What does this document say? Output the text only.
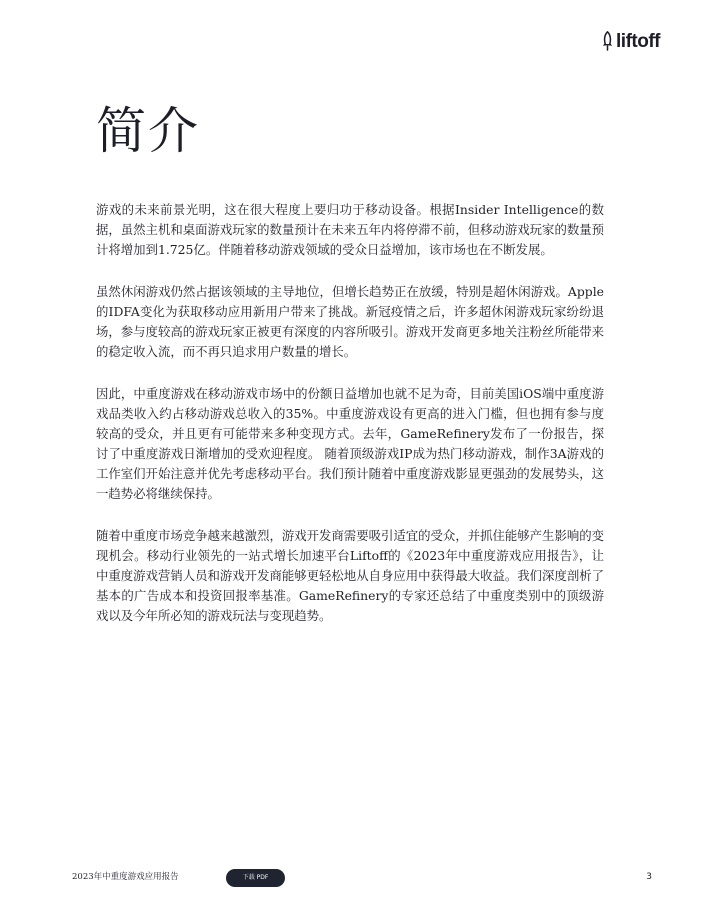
liftoff
简介

游戏的未来前景光明，这在很大程度上要归功于移动设备。根据Insider Intelligence的数据，虽然主机和桌面游戏玩家的数量预计在未来五年内将停滞不前，但移动游戏玩家的数量预计将增加到1.725亿。伴随着移动游戏领域的受众日益增加，该市场也在不断发展。

虽然休闲游戏仍然占据该领域的主导地位，但增长趋势正在放缓，特别是超休闲游戏。Apple的IDFA变化为获取移动应用新用户带来了挑战。新冠疫情之后，许多超休闲游戏玩家纷纷退场，参与度较高的游戏玩家正被更有深度的内容所吸引。游戏开发商更多地关注粉丝所能带来的稳定收入流，而不再只追求用户数量的增长。

因此，中重度游戏在移动游戏市场中的份额日益增加也就不足为奇，目前美国iOS端中重度游戏品类收入约占移动游戏总收入的35%。中重度游戏设有更高的进入门槛，但也拥有参与度较高的受众，并且更有可能带来多种变现方式。去年，GameRefinery发布了一份报告，探讨了中重度游戏日渐增加的受欢迎程度。 随着顶级游戏IP成为热门移动游戏，制作3A游戏的工作室们开始注意并优先考虑移动平台。我们预计随着中重度游戏影显更强劲的发展势头，这一趋势必将继续保持。

随着中重度市场竞争越来越激烈，游戏开发商需要吸引适宜的受众，并抓住能够产生影响的变现机会。移动行业领先的一站式增长加速平台Liftoff的《2023年中重度游戏应用报告》，让中重度游戏营销人员和游戏开发商能够更轻松地从自身应用中获得最大收益。我们深度剖析了基本的广告成本和投资回报率基准。GameRefinery的专家还总结了中重度类别中的顶级游戏以及今年所必知的游戏玩法与变现趋势。

2023年中重度游戏应用报告	下载 PDF	3
